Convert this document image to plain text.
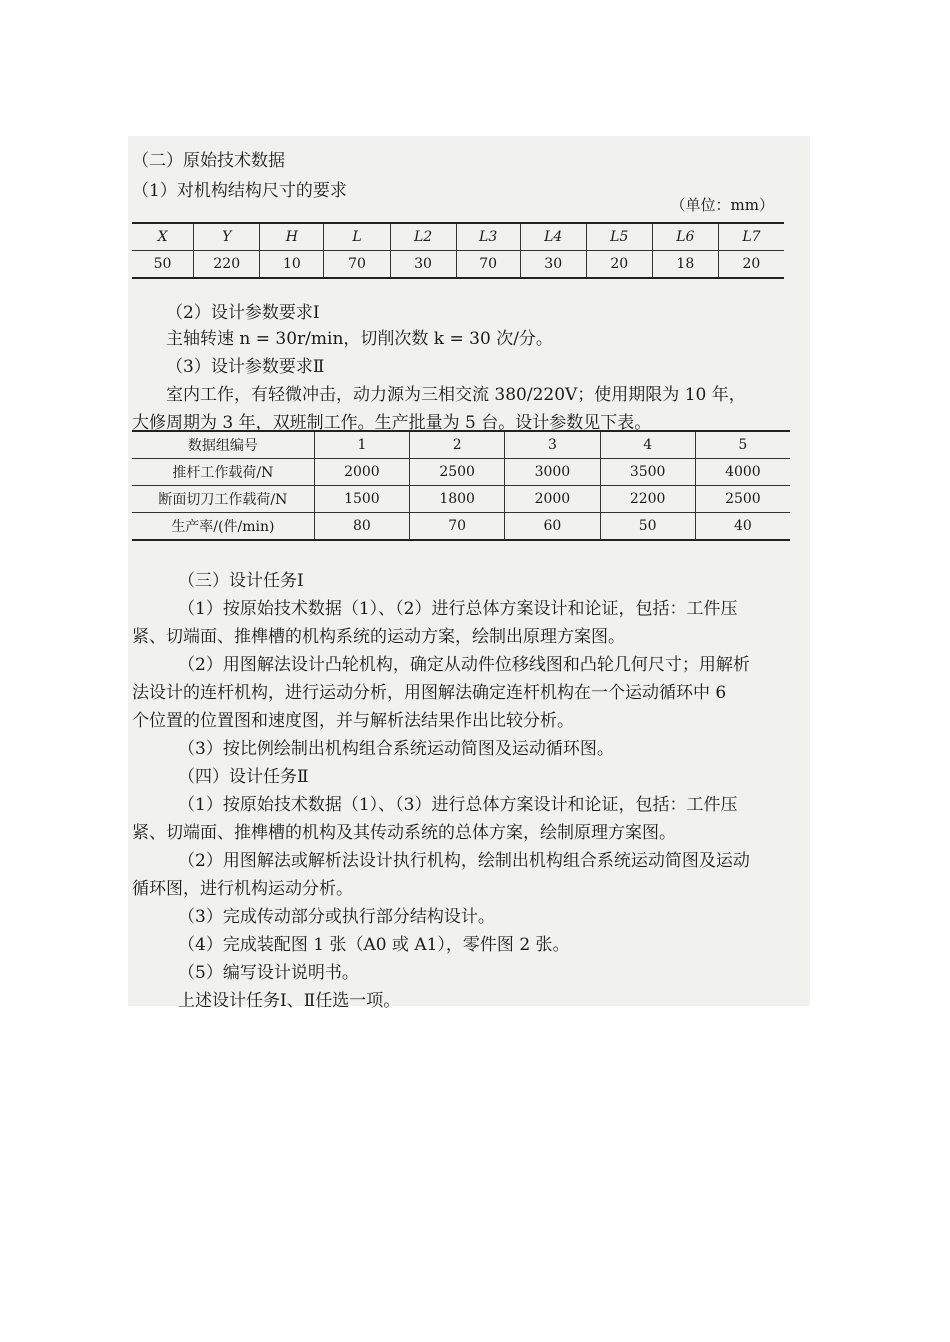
（二）原始技术数据
（1）对机构结构尺寸的要求
（单位：mm）
X	Y	H	L	L2	L3	L4	L5	L6	L7
50	220	10	70	30	70	30	20	18	20
（2）设计参数要求Ⅰ
主轴转速 n = 30r/min，切削次数 k = 30 次/分。
（3）设计参数要求Ⅱ
室内工作，有轻微冲击，动力源为三相交流 380/220V；使用期限为 10 年，
大修周期为 3 年，双班制工作。生产批量为 5 台。设计参数见下表。
数据组编号	1	2	3	4	5
推杆工作载荷/N	2000	2500	3000	3500	4000
断面切刀工作载荷/N	1500	1800	2000	2200	2500
生产率/(件/min)	80	70	60	50	40
（三）设计任务Ⅰ
（1）按原始技术数据（1）、（2）进行总体方案设计和论证，包括：工件压
紧、切端面、推榫槽的机构系统的运动方案，绘制出原理方案图。
（2）用图解法设计凸轮机构，确定从动件位移线图和凸轮几何尺寸；用解析
法设计的连杆机构，进行运动分析，用图解法确定连杆机构在一个运动循环中 6
个位置的位置图和速度图，并与解析法结果作出比较分析。
（3）按比例绘制出机构组合系统运动简图及运动循环图。
（四）设计任务Ⅱ
（1）按原始技术数据（1）、（3）进行总体方案设计和论证，包括：工件压
紧、切端面、推榫槽的机构及其传动系统的总体方案，绘制原理方案图。
（2）用图解法或解析法设计执行机构，绘制出机构组合系统运动简图及运动
循环图，进行机构运动分析。
（3）完成传动部分或执行部分结构设计。
（4）完成装配图 1 张（A0 或 A1），零件图 2 张。
（5）编写设计说明书。
上述设计任务Ⅰ、Ⅱ任选一项。
